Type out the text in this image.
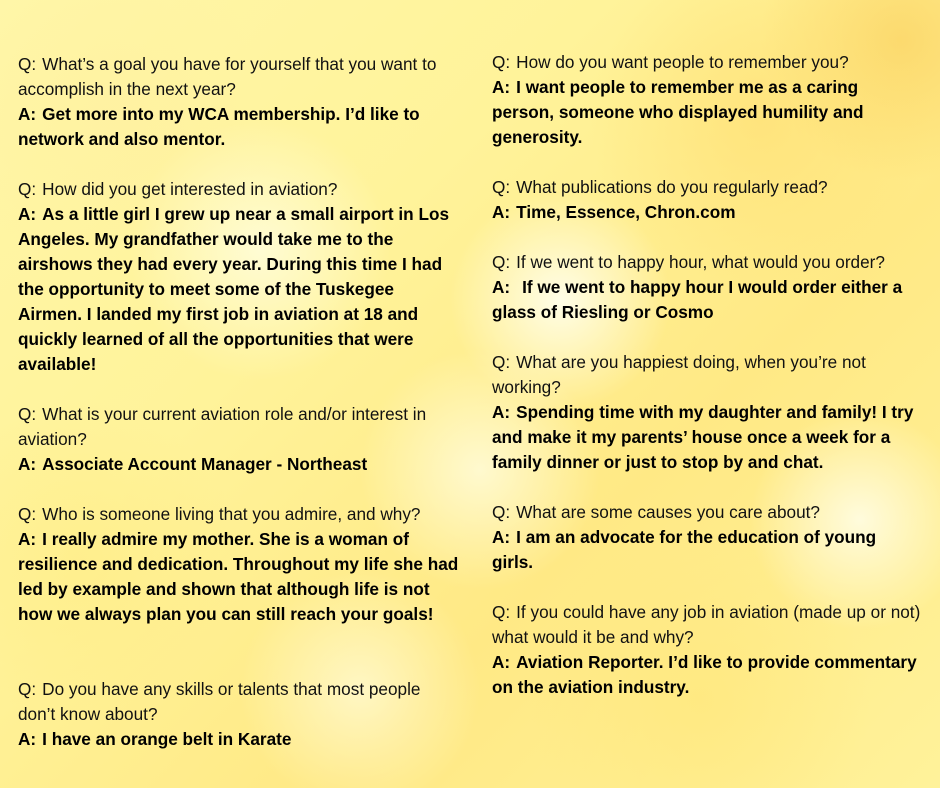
Q: What’s a goal you have for yourself that you want to accomplish in the next year?
A: Get more into my WCA membership. I’d like to network and also mentor.
Q: How did you get interested in aviation?
A: As a little girl I grew up near a small airport in Los Angeles. My grandfather would take me to the airshows they had every year. During this time I had the opportunity to meet some of the Tuskegee Airmen. I landed my first job in aviation at 18 and quickly learned of all the opportunities that were available!
Q: What is your current aviation role and/or interest in aviation?
A: Associate Account Manager - Northeast
Q: Who is someone living that you admire, and why?
A: I really admire my mother. She is a woman of resilience and dedication. Throughout my life she had led by example and shown that although life is not how we always plan you can still reach your goals!
Q: Do you have any skills or talents that most people don’t know about?
A: I have an orange belt in Karate
Q: How do you want people to remember you?
A: I want people to remember me as a caring person, someone who displayed humility and generosity.
Q: What publications do you regularly read?
A: Time, Essence, Chron.com
Q: If we went to happy hour, what would you order?
A: If we went to happy hour I would order either a glass of Riesling or Cosmo
Q: What are you happiest doing, when you’re not working?
A: Spending time with my daughter and family! I try and make it my parents’ house once a week for a family dinner or just to stop by and chat.
Q: What are some causes you care about?
A: I am an advocate for the education of young girls.
Q: If you could have any job in aviation (made up or not) what would it be and why?
A: Aviation Reporter. I’d like to provide commentary on the aviation industry.
